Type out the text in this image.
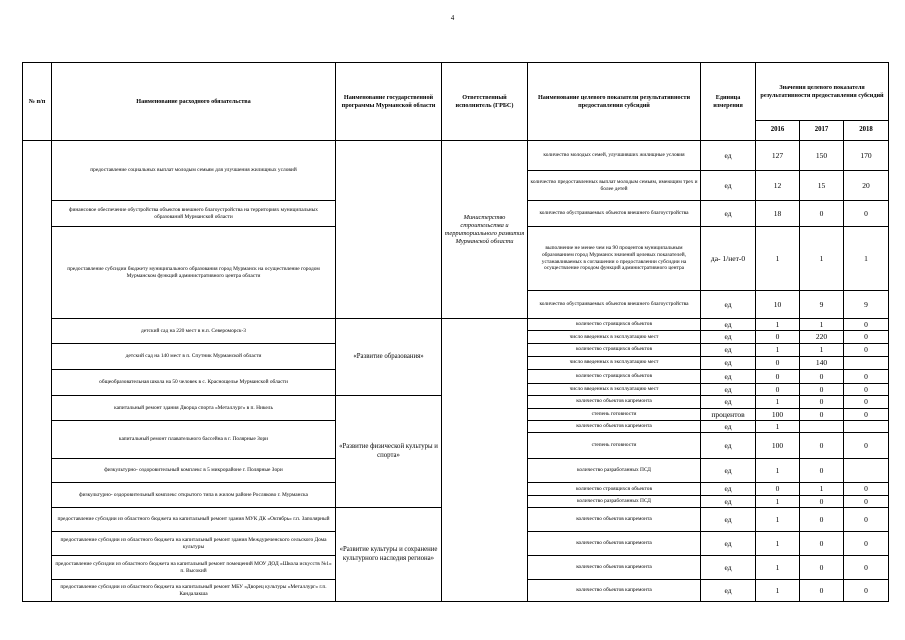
4
№ п/п	Наименование расходного обязательства	Наименование государственной программы Мурманской области	Ответственный исполнитель (ГРБС)	Наименование целевого показатели результативности предоставления субсидий	Единица измерения	Значения целевого показателя результативности предоставления субсидий		
						2016	2017	2018
	предоставление социальных выплат молодым семьям для улучшения жилищных условий		Министерство строительства и территориального развития Мурманской области	количество молодых семей, улучшивших жилищные условия	ед	127	150	170
				количество предоставленных выплат молодым семьям, имеющим трех и более детей	ед	12	15	20
	финансовое обеспечение обустройства объектов внешнего благоустройства на территориях муниципальных образований Мурманской области			количество обустраиваемых объектов внешнего благоустройства	ед	18	0	0
	предоставление субсидии бюджету муниципального образования город Мурманск на осуществление городом Мурманском функций административного центра области			выполнение не менее чем на 90 процентов муниципальным образованием город Мурманск значений целевых показателей, устанавливаемых в соглашении о предоставлении субсидии на осуществление городом функций административного центра	да- 1/нет-0	1	1	1
				количество обустраиваемых объектов внешнего благоустройства	ед	10	9	9
	детский сад на 220 мест в н.п. Североморск-3	«Развитие образования»		количество строящихся объектов	ед	1	1	0
				число введенных в эксплуатацию мест	ед	0	220	0
	детский сад на 140 мест в п. Спутник Мурманской области			количество строящихся объектов	ед	1	1	0
				число введенных в эксплуатацию мест	ед	0	140	
	общеобразовательная школа на 50 человек в с. Краснощелье Мурманской области			количество строящихся объектов	ед	0	0	0
				число введенных в эксплуатацию мест	ед	0	0	0
	капитальный ремонт здания Дворца спорта «Металлург» в п. Никель	«Развитие физической культуры и спорта»		количество объектов капремонта	ед	1	0	0
				степень готовности	процентов	100	0	0
	капитальный ремонт плавательного бассейна в г. Полярные Зори			количество объектов капремонта	ед	1		
				степень готовности	ед	100	0	0
	физкультурно- оздоровительный комплекс в 5 микрорайоне г. Полярные Зори			количество разработанных ПСД	ед	1	0	
	физкультурно- оздоровительный комплекс открытого типа в жилом районе Росляково г. Мурманска			количество строящихся объектов	ед	0	1	0
				количество разработанных ПСД	ед	1	0	0
	предоставление субсидии из областного бюджета на капитальный ремонт здания МУК ДК «Октябрь» г.п. Заполярный	«Развитие культуры и сохранение культурного наследия региона»		количество объектов капремонта	ед	1	0	0
	предоставление субсидии из областного бюджета на капитальный ремонт здания Междуреченского сельского Дома культуры			количество объектов капремонта	ед	1	0	0
	предоставление субсидии из областного бюджета на капитальный ремонт помещений МОУ ДОД «Школа искусств №1» п. Высокий			количество объектов капремонта	ед	1	0	0
	предоставление субсидии из областного бюджета на капитальный ремонт МБУ «Дворец культуры «Металлург» г.п. Кандалакша			количество объектов капремонта	ед	1	0	0
